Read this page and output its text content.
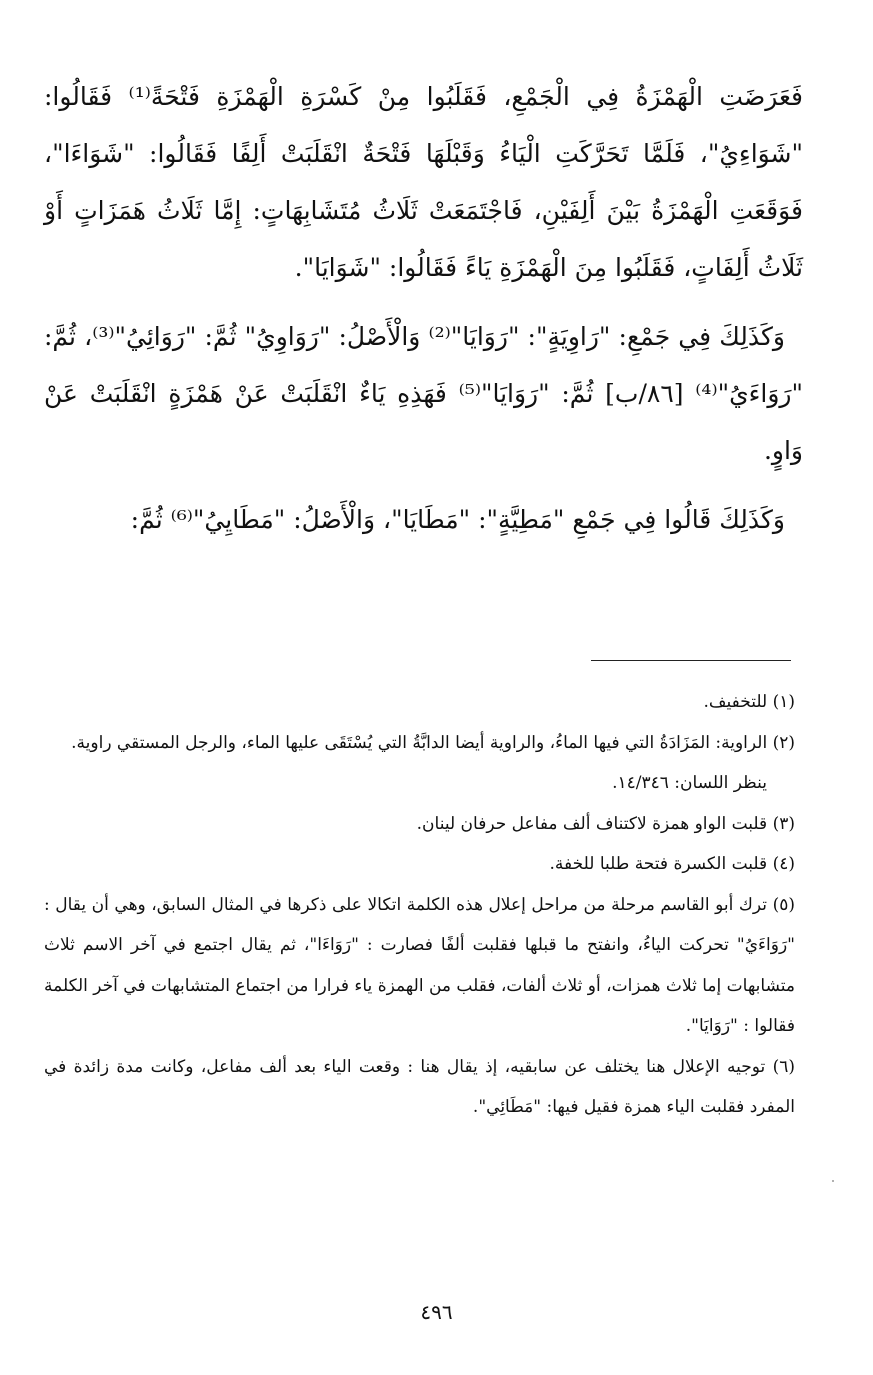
فَعَرَضَتِ الْهَمْزَةُ فِي الْجَمْعِ، فَقَلَبُوا مِنْ كَسْرَةِ الْهَمْزَةِ فَتْحَةً⁽¹⁾ فَقَالُوا: "شَوَاءِيُ"، فَلَمَّا تَحَرَّكَتِ الْيَاءُ وَقَبْلَهَا فَتْحَةٌ انْقَلَبَتْ أَلِفًا فَقَالُوا: "شَوَاءَا"، فَوَقَعَتِ الْهَمْزَةُ بَيْنَ أَلِفَيْنِ، فَاجْتَمَعَتْ ثَلَاثُ مُتَشَابِهَاتٍ: إِمَّا ثَلَاثُ هَمَزَاتٍ أَوْ ثَلَاثُ أَلِفَاتٍ، فَقَلَبُوا مِنَ الْهَمْزَةِ يَاءً فَقَالُوا: "شَوَايَا".

وَكَذَلِكَ فِي جَمْعِ: "رَاوِيَةٍ": "رَوَايَا"⁽²⁾ وَالْأَصْلُ: "رَوَاوِيُ" ثُمَّ: "رَوَائِيُ"⁽³⁾، ثُمَّ: "رَوَاءَيُ"⁽⁴⁾ [٨٦/ب] ثُمَّ: "رَوَايَا"⁽⁵⁾ فَهَذِهِ يَاءٌ انْقَلَبَتْ عَنْ هَمْزَةٍ انْقَلَبَتْ عَنْ وَاوٍ.

وَكَذَلِكَ قَالُوا فِي جَمْعِ "مَطِيَّةٍ": "مَطَايَا"، وَالْأَصْلُ: "مَطَايِيُ"⁽⁶⁾ ثُمَّ:

(١) للتخفيف.

(٢) الراوية: المَزَادَةُ التي فيها الماءُ، والراوية أيضا الدابَّةُ التي يُسْتَقَى عليها الماء، والرجل المستقي راوية.

ينظر اللسان: ١٤/٣٤٦.

(٣) قلبت الواو همزة لاكتناف ألف مفاعل حرفان لينان.

(٤) قلبت الكسرة فتحة طلبا للخفة.

(٥) ترك أبو القاسم مرحلة من مراحل إعلال هذه الكلمة اتكالا على ذكرها في المثال السابق، وهي أن يقال : "رَوَاءَيُ" تحركت الياءُ، وانفتح ما قبلها فقلبت ألفًا فصارت : "رَوَاءَا"، ثم يقال اجتمع في آخر الاسم ثلاث متشابهات إما ثلاث همزات، أو ثلاث ألفات، فقلب من الهمزة ياء فرارا من اجتماع المتشابهات في آخر الكلمة فقالوا : "رَوَايَا".

(٦) توجيه الإعلال هنا يختلف عن سابقيه، إذ يقال هنا : وقعت الياء بعد ألف مفاعل، وكانت مدة زائدة في المفرد فقلبت الياء همزة فقيل فيها: "مَطَائِي".

٤٩٦
